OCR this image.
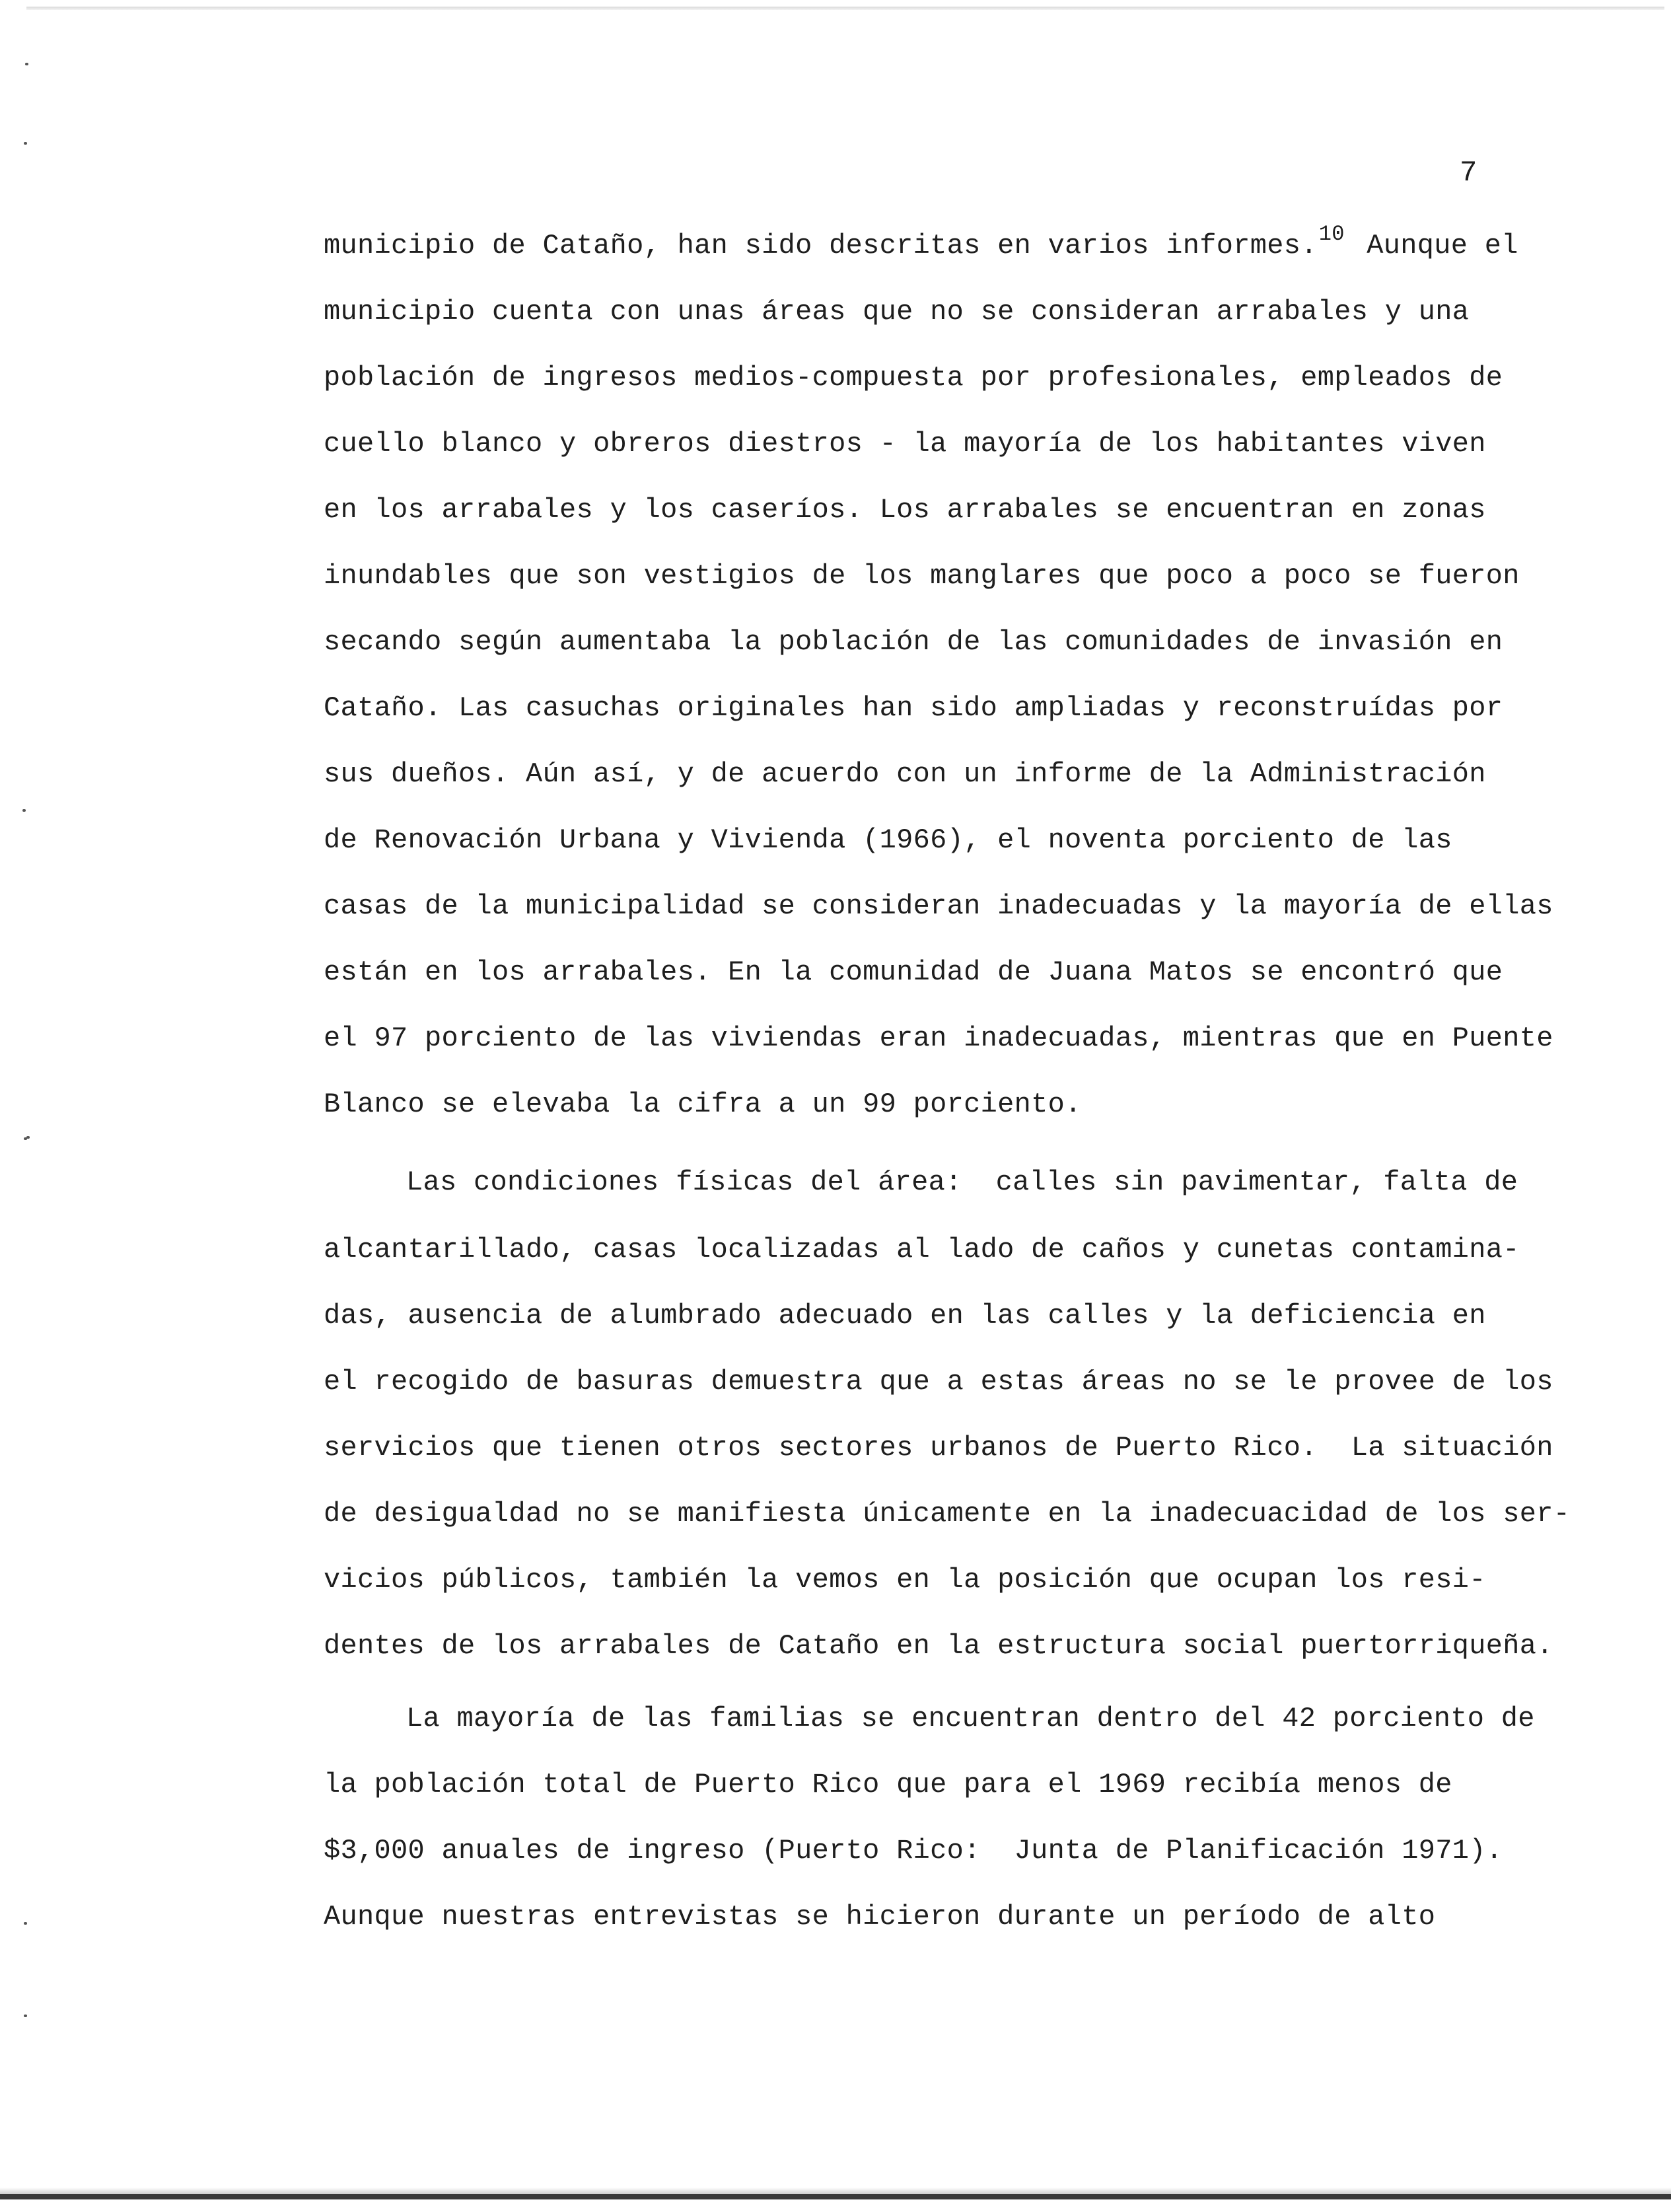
7
municipio de Cataño, han sido descritas en varios informes.$^{10}$ Aunque el
municipio cuenta con unas áreas que no se consideran arrabales y una
población de ingresos medios-compuesta por profesionales, empleados de
cuello blanco y obreros diestros - la mayoría de los habitantes viven
en los arrabales y los caseríos. Los arrabales se encuentran en zonas
inundables que son vestigios de los manglares que poco a poco se fueron
secando según aumentaba la población de las comunidades de invasión en
Cataño. Las casuchas originales han sido ampliadas y reconstruídas por
sus dueños. Aún así, y de acuerdo con un informe de la Administración
de Renovación Urbana y Vivienda (1966), el noventa porciento de las
casas de la municipalidad se consideran inadecuadas y la mayoría de ellas
están en los arrabales. En la comunidad de Juana Matos se encontró que
el 97 porciento de las viviendas eran inadecuadas, mientras que en Puente
Blanco se elevaba la cifra a un 99 porciento.
Las condiciones físicas del área:  calles sin pavimentar, falta de
alcantarillado, casas localizadas al lado de caños y cunetas contamina-
das, ausencia de alumbrado adecuado en las calles y la deficiencia en
el recogido de basuras demuestra que a estas áreas no se le provee de los
servicios que tienen otros sectores urbanos de Puerto Rico.  La situación
de desigualdad no se manifiesta únicamente en la inadecuacidad de los ser-
vicios públicos, también la vemos en la posición que ocupan los resi-
dentes de los arrabales de Cataño en la estructura social puertorriqueña.
La mayoría de las familias se encuentran dentro del 42 porciento de
la población total de Puerto Rico que para el 1969 recibía menos de
$3,000 anuales de ingreso (Puerto Rico:  Junta de Planificación 1971).
Aunque nuestras entrevistas se hicieron durante un período de alto
